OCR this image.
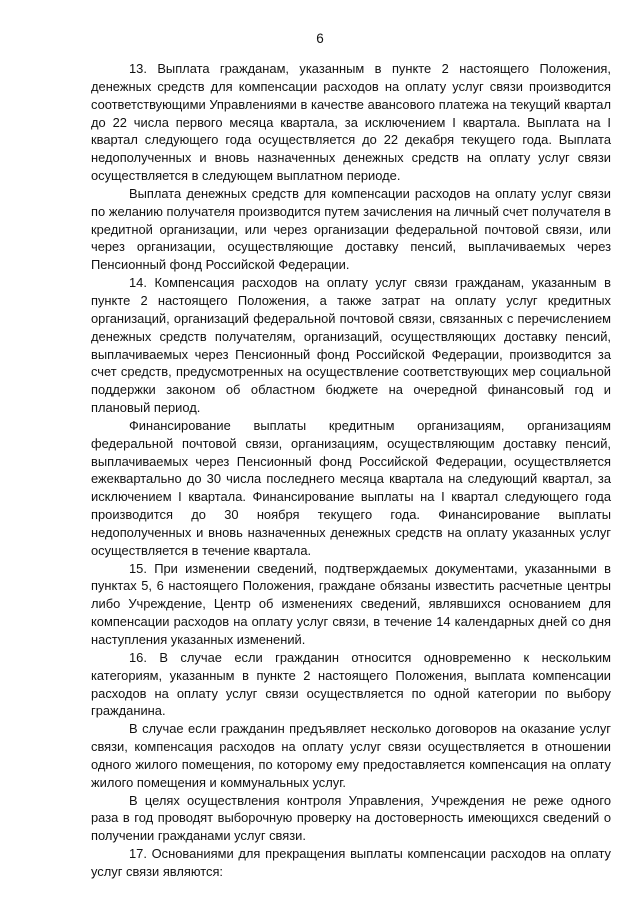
6

13. Выплата гражданам, указанным в пункте 2 настоящего Положения, денежных средств для компенсации расходов на оплату услуг связи производится соответствующими Управлениями в качестве авансового платежа на текущий квартал до 22 числа первого месяца квартала, за исключением I квартала. Выплата на I квартал следующего года осуществляется до 22 декабря текущего года. Выплата недополученных и вновь назначенных денежных средств на оплату услуг связи осуществляется в следующем выплатном периоде.

Выплата денежных средств для компенсации расходов на оплату услуг связи по желанию получателя производится путем зачисления на личный счет получателя в кредитной организации, или через организации федеральной почтовой связи, или через организации, осуществляющие доставку пенсий, выплачиваемых через Пенсионный фонд Российской Федерации.

14. Компенсация расходов на оплату услуг связи гражданам, указанным в пункте 2 настоящего Положения, а также затрат на оплату услуг кредитных организаций, организаций федеральной почтовой связи, связанных с перечислением денежных средств получателям, организаций, осуществляющих доставку пенсий, выплачиваемых через Пенсионный фонд Российской Федерации, производится за счет средств, предусмотренных на осуществление соответствующих мер социальной поддержки законом об областном бюджете на очередной финансовый год и плановый период.

Финансирование выплаты кредитным организациям, организациям федеральной почтовой связи, организациям, осуществляющим доставку пенсий, выплачиваемых через Пенсионный фонд Российской Федерации, осуществляется ежеквартально до 30 числа последнего месяца квартала на следующий квартал, за исключением I квартала. Финансирование выплаты на I квартал следующего года производится до 30 ноября текущего года. Финансирование выплаты недополученных и вновь назначенных денежных средств на оплату указанных услуг осуществляется в течение квартала.

15. При изменении сведений, подтверждаемых документами, указанными в пунктах 5, 6 настоящего Положения, граждане обязаны известить расчетные центры либо Учреждение, Центр об изменениях сведений, являвшихся основанием для компенсации расходов на оплату услуг связи, в течение 14 календарных дней со дня наступления указанных изменений.

16. В случае если гражданин относится одновременно к нескольким категориям, указанным в пункте 2 настоящего Положения, выплата компенсации расходов на оплату услуг связи осуществляется по одной категории по выбору гражданина.

В случае если гражданин предъявляет несколько договоров на оказание услуг связи, компенсация расходов на оплату услуг связи осуществляется в отношении одного жилого помещения, по которому ему предоставляется компенсация на оплату жилого помещения и коммунальных услуг.

В целях осуществления контроля Управления, Учреждения не реже одного раза в год проводят выборочную проверку на достоверность имеющихся сведений о получении гражданами услуг связи.

17. Основаниями для прекращения выплаты компенсации расходов на оплату услуг связи являются:
